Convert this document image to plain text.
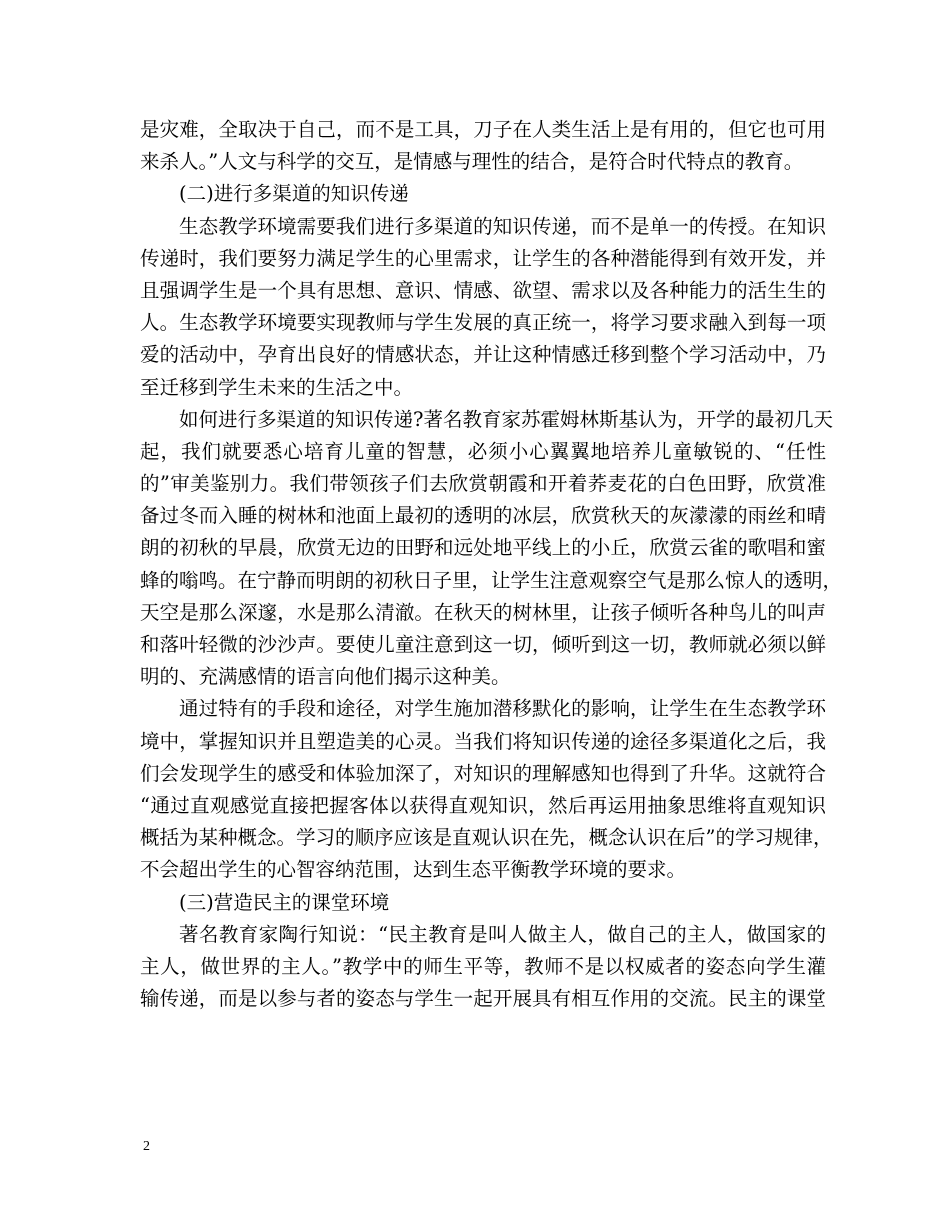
是灾难，全取决于自己，而不是工具，刀子在人类生活上是有用的，但它也可用
来杀人。”人文与科学的交互，是情感与理性的结合，是符合时代特点的教育。
(二)进行多渠道的知识传递
生态教学环境需要我们进行多渠道的知识传递，而不是单一的传授。在知识
传递时，我们要努力满足学生的心里需求，让学生的各种潜能得到有效开发，并
且强调学生是一个具有思想、意识、情感、欲望、需求以及各种能力的活生生的
人。生态教学环境要实现教师与学生发展的真正统一，将学习要求融入到每一项
爱的活动中，孕育出良好的情感状态，并让这种情感迁移到整个学习活动中，乃
至迁移到学生未来的生活之中。
如何进行多渠道的知识传递?著名教育家苏霍姆林斯基认为，开学的最初几天
起，我们就要悉心培育儿童的智慧，必须小心翼翼地培养儿童敏锐的、“任性
的”审美鉴别力。我们带领孩子们去欣赏朝霞和开着荞麦花的白色田野，欣赏准
备过冬而入睡的树林和池面上最初的透明的冰层，欣赏秋天的灰濛濛的雨丝和晴
朗的初秋的早晨，欣赏无边的田野和远处地平线上的小丘，欣赏云雀的歌唱和蜜
蜂的嗡鸣。在宁静而明朗的初秋日子里，让学生注意观察空气是那么惊人的透明，
天空是那么深邃，水是那么清澈。在秋天的树林里，让孩子倾听各种鸟儿的叫声
和落叶轻微的沙沙声。要使儿童注意到这一切，倾听到这一切，教师就必须以鲜
明的、充满感情的语言向他们揭示这种美。
通过特有的手段和途径，对学生施加潜移默化的影响，让学生在生态教学环
境中，掌握知识并且塑造美的心灵。当我们将知识传递的途径多渠道化之后，我
们会发现学生的感受和体验加深了，对知识的理解感知也得到了升华。这就符合
“通过直观感觉直接把握客体以获得直观知识，然后再运用抽象思维将直观知识
概括为某种概念。学习的顺序应该是直观认识在先，概念认识在后”的学习规律，
不会超出学生的心智容纳范围，达到生态平衡教学环境的要求。
(三)营造民主的课堂环境
著名教育家陶行知说：“民主教育是叫人做主人，做自己的主人，做国家的
主人，做世界的主人。”教学中的师生平等，教师不是以权威者的姿态向学生灌
输传递，而是以参与者的姿态与学生一起开展具有相互作用的交流。民主的课堂
2
